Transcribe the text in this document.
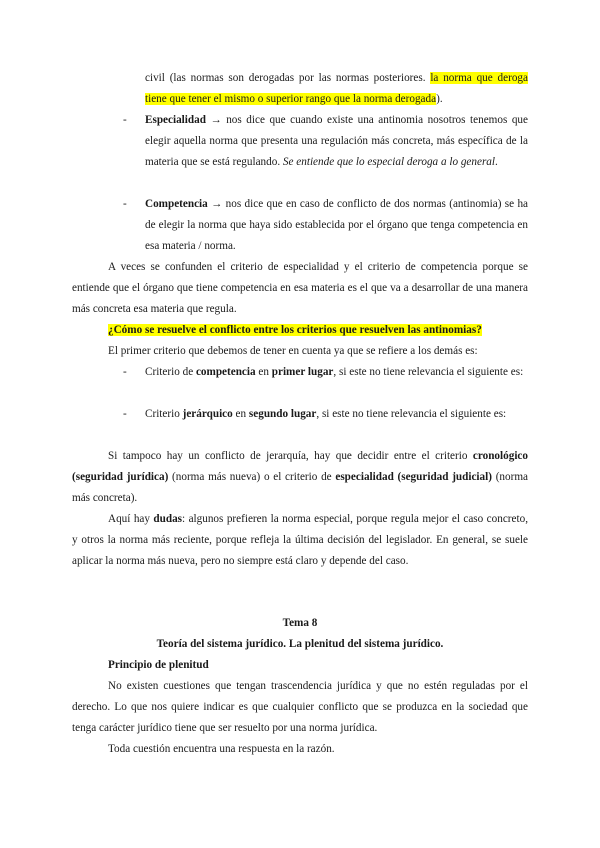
civil (las normas son derogadas por las normas posteriores. la norma que deroga tiene que tener el mismo o superior rango que la norma derogada).

-	Especialidad → nos dice que cuando existe una antinomia nosotros tenemos que elegir aquella norma que presenta una regulación más concreta, más específica de la materia que se está regulando. Se entiende que lo especial deroga a lo general.

-	Competencia → nos dice que en caso de conflicto de dos normas (antinomia) se ha de elegir la norma que haya sido establecida por el órgano que tenga competencia en esa materia / norma.

A veces se confunden el criterio de especialidad y el criterio de competencia porque se entiende que el órgano que tiene competencia en esa materia es el que va a desarrollar de una manera más concreta esa materia que regula.

¿Cómo se resuelve el conflicto entre los criterios que resuelven las antinomias?

El primer criterio que debemos de tener en cuenta ya que se refiere a los demás es:

-	Criterio de competencia en primer lugar, si este no tiene relevancia el siguiente es:

-	Criterio jerárquico en segundo lugar, si este no tiene relevancia el siguiente es:

Si tampoco hay un conflicto de jerarquía, hay que decidir entre el criterio cronológico (seguridad jurídica) (norma más nueva) o el criterio de especialidad (seguridad judicial) (norma más concreta).

Aquí hay dudas: algunos prefieren la norma especial, porque regula mejor el caso concreto, y otros la norma más reciente, porque refleja la última decisión del legislador. En general, se suele aplicar la norma más nueva, pero no siempre está claro y depende del caso.

Tema 8

Teoría del sistema jurídico. La plenitud del sistema jurídico.

Principio de plenitud

No existen cuestiones que tengan trascendencia jurídica y que no estén reguladas por el derecho. Lo que nos quiere indicar es que cualquier conflicto que se produzca en la sociedad que tenga carácter jurídico tiene que ser resuelto por una norma jurídica.

Toda cuestión encuentra una respuesta en la razón.
